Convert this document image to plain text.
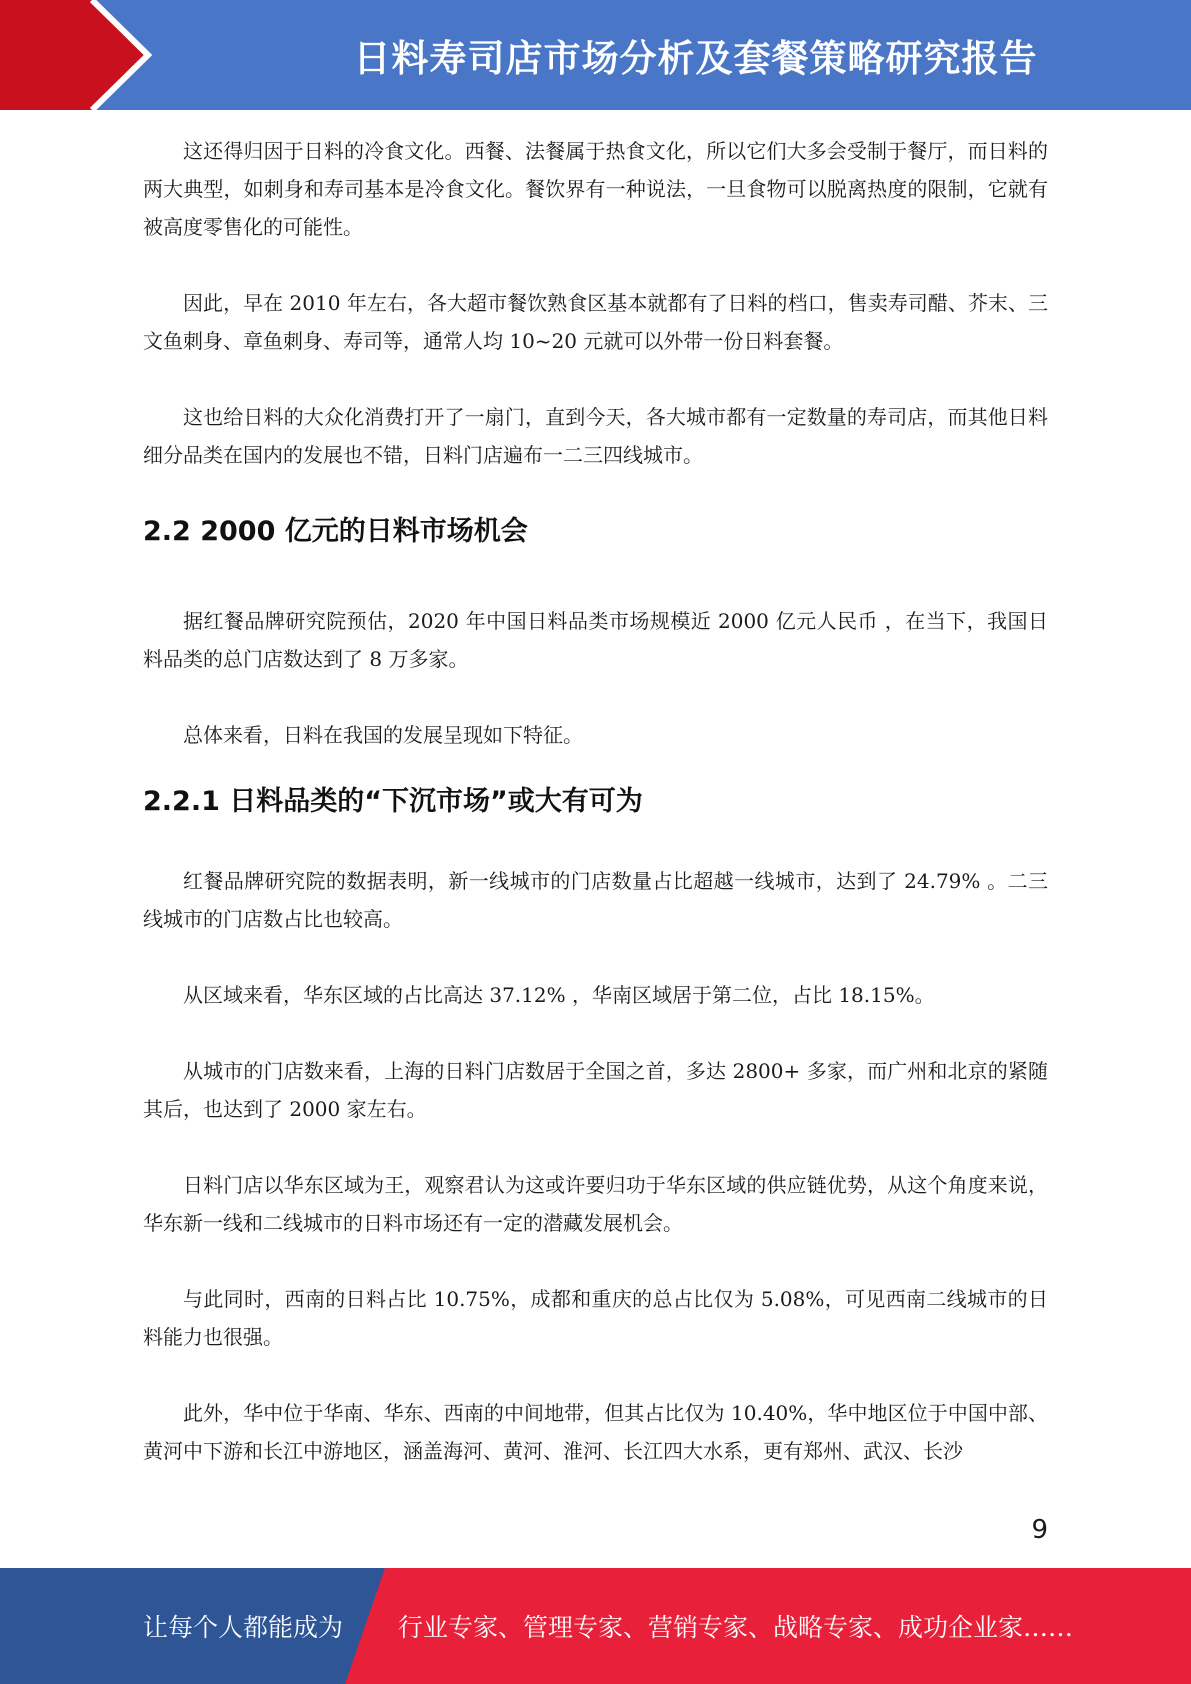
日料寿司店市场分析及套餐策略研究报告

这还得归因于日料的冷食文化。西餐、法餐属于热食文化，所以它们大多会受制于餐厅，而日料的两大典型，如刺身和寿司基本是冷食文化。餐饮界有一种说法，一旦食物可以脱离热度的限制，它就有被高度零售化的可能性。

因此，早在 2010 年左右，各大超市餐饮熟食区基本就都有了日料的档口，售卖寿司醋、芥末、三文鱼刺身、章鱼刺身、寿司等，通常人均 10~20 元就可以外带一份日料套餐。

这也给日料的大众化消费打开了一扇门，直到今天，各大城市都有一定数量的寿司店，而其他日料细分品类在国内的发展也不错，日料门店遍布一二三四线城市。

2.2 2000 亿元的日料市场机会

据红餐品牌研究院预估，2020 年中国日料品类市场规模近 2000 亿元人民币 ，在当下，我国日料品类的总门店数达到了 8 万多家。

总体来看，日料在我国的发展呈现如下特征。

2.2.1 日料品类的“下沉市场”或大有可为

红餐品牌研究院的数据表明，新一线城市的门店数量占比超越一线城市，达到了 24.79% 。二三线城市的门店数占比也较高。

从区域来看，华东区域的占比高达 37.12% ，华南区域居于第二位，占比 18.15%。

从城市的门店数来看，上海的日料门店数居于全国之首，多达 2800+ 多家，而广州和北京的紧随其后，也达到了 2000 家左右。

日料门店以华东区域为王，观察君认为这或许要归功于华东区域的供应链优势，从这个角度来说，华东新一线和二线城市的日料市场还有一定的潜藏发展机会。

与此同时，西南的日料占比 10.75%，成都和重庆的总占比仅为 5.08%，可见西南二线城市的日料能力也很强。

此外，华中位于华南、华东、西南的中间地带，但其占比仅为 10.40%，华中地区位于中国中部、黄河中下游和长江中游地区，涵盖海河、黄河、淮河、长江四大水系，更有郑州、武汉、长沙

9
让每个人都能成为 行业专家、管理专家、营销专家、战略专家、成功企业家……
